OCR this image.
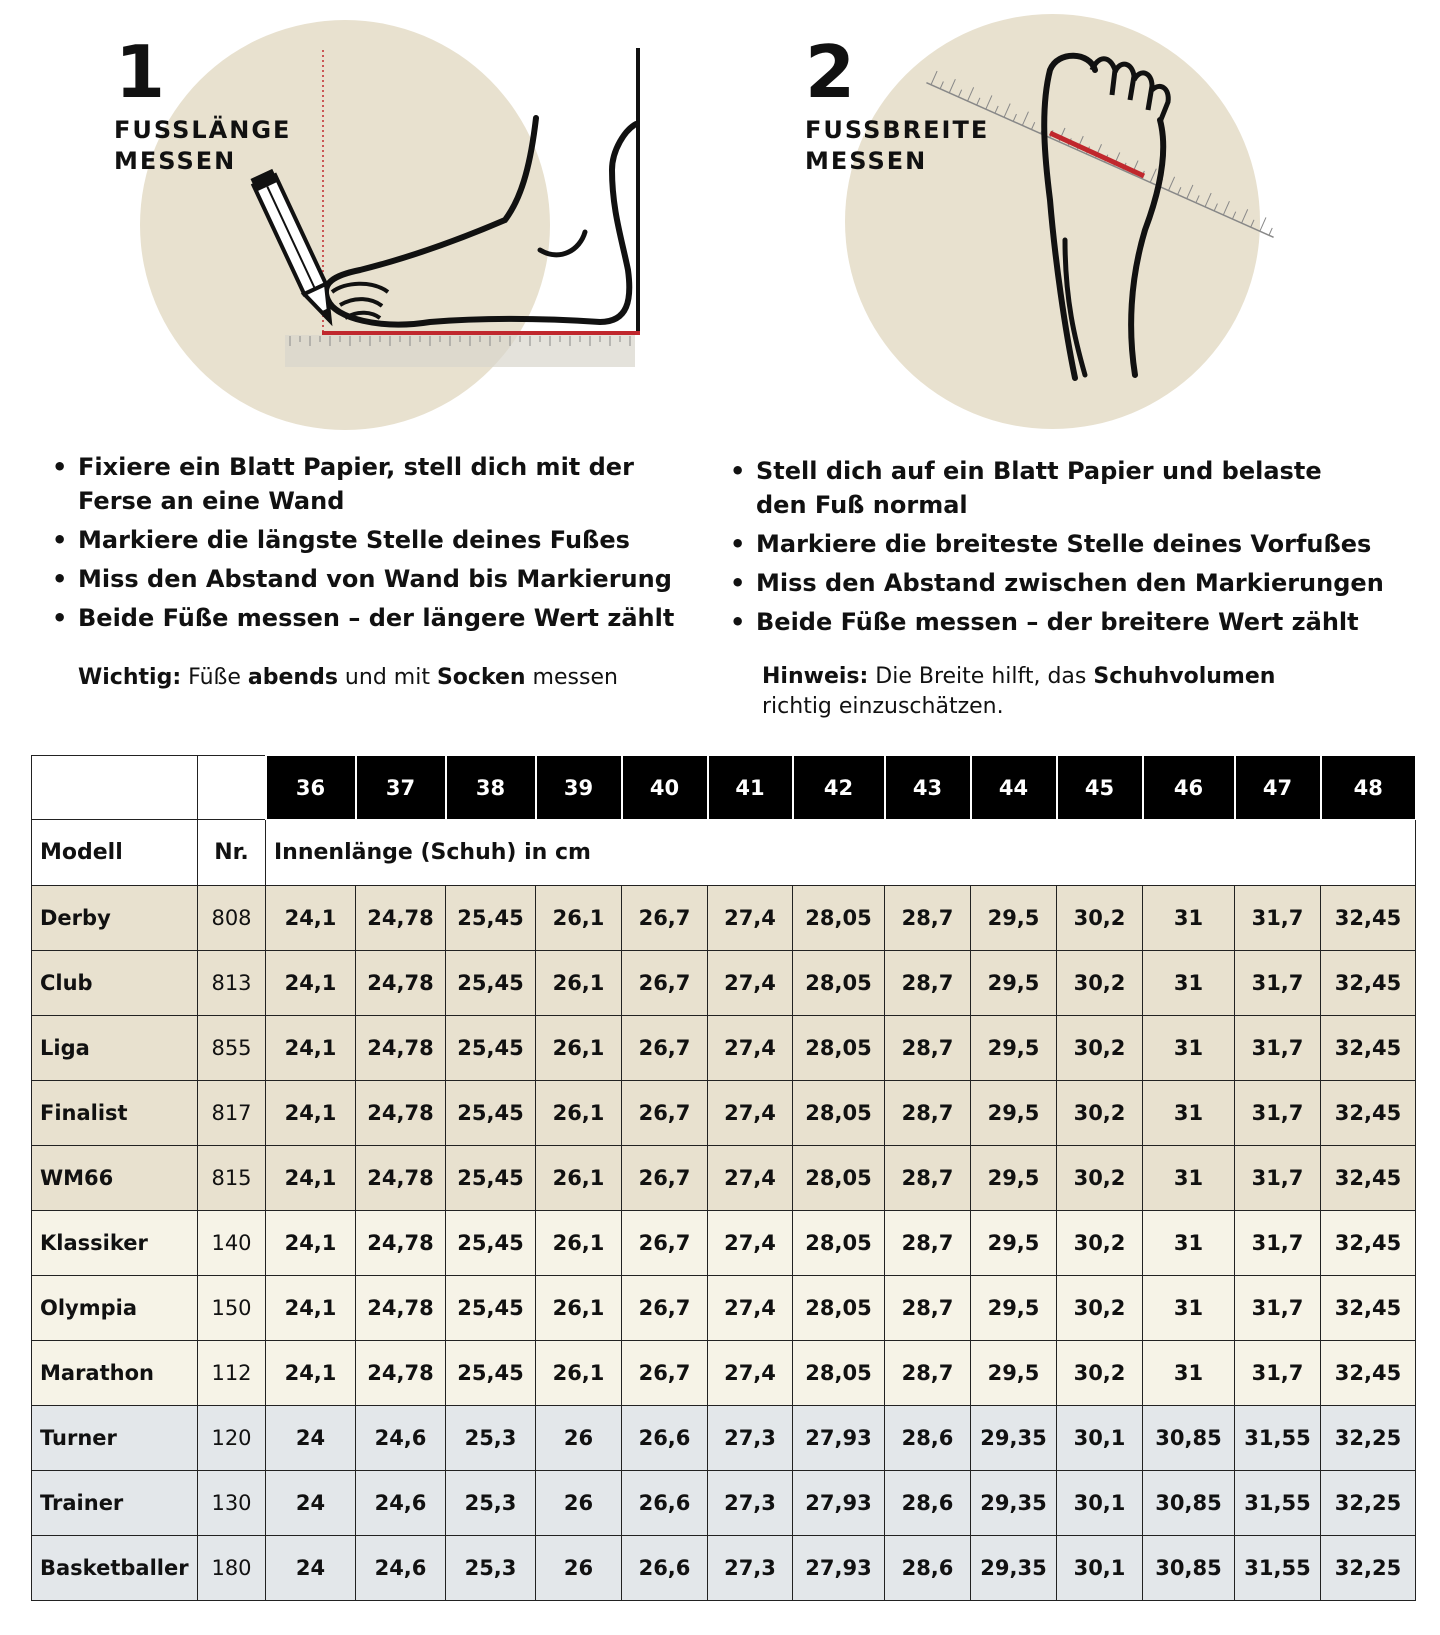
1
FUSSLÄNGE
MESSEN
• Fixiere ein Blatt Papier, stell dich mit der
Ferse an eine Wand
• Markiere die längste Stelle deines Fußes
• Miss den Abstand von Wand bis Markierung
• Beide Füße messen – der längere Wert zählt

Wichtig: Füße abends und mit Socken messen

2
FUSSBREITE
MESSEN
• Stell dich auf ein Blatt Papier und belaste
den Fuß normal
• Markiere die breiteste Stelle deines Vorfußes
• Miss den Abstand zwischen den Markierungen
• Beide Füße messen – der breitere Wert zählt

Hinweis: Die Breite hilft, das Schuhvolumen
richtig einzuschätzen.

		36	37	38	39	40	41	42	43	44	45	46	47	48
Modell	Nr.	Innenlänge (Schuh) in cm												
Derby	808	24,1	24,78	25,45	26,1	26,7	27,4	28,05	28,7	29,5	30,2	31	31,7	32,45
Club	813	24,1	24,78	25,45	26,1	26,7	27,4	28,05	28,7	29,5	30,2	31	31,7	32,45
Liga	855	24,1	24,78	25,45	26,1	26,7	27,4	28,05	28,7	29,5	30,2	31	31,7	32,45
Finalist	817	24,1	24,78	25,45	26,1	26,7	27,4	28,05	28,7	29,5	30,2	31	31,7	32,45
WM66	815	24,1	24,78	25,45	26,1	26,7	27,4	28,05	28,7	29,5	30,2	31	31,7	32,45
Klassiker	140	24,1	24,78	25,45	26,1	26,7	27,4	28,05	28,7	29,5	30,2	31	31,7	32,45
Olympia	150	24,1	24,78	25,45	26,1	26,7	27,4	28,05	28,7	29,5	30,2	31	31,7	32,45
Marathon	112	24,1	24,78	25,45	26,1	26,7	27,4	28,05	28,7	29,5	30,2	31	31,7	32,45
Turner	120	24	24,6	25,3	26	26,6	27,3	27,93	28,6	29,35	30,1	30,85	31,55	32,25
Trainer	130	24	24,6	25,3	26	26,6	27,3	27,93	28,6	29,35	30,1	30,85	31,55	32,25
Basketballer	180	24	24,6	25,3	26	26,6	27,3	27,93	28,6	29,35	30,1	30,85	31,55	32,25
